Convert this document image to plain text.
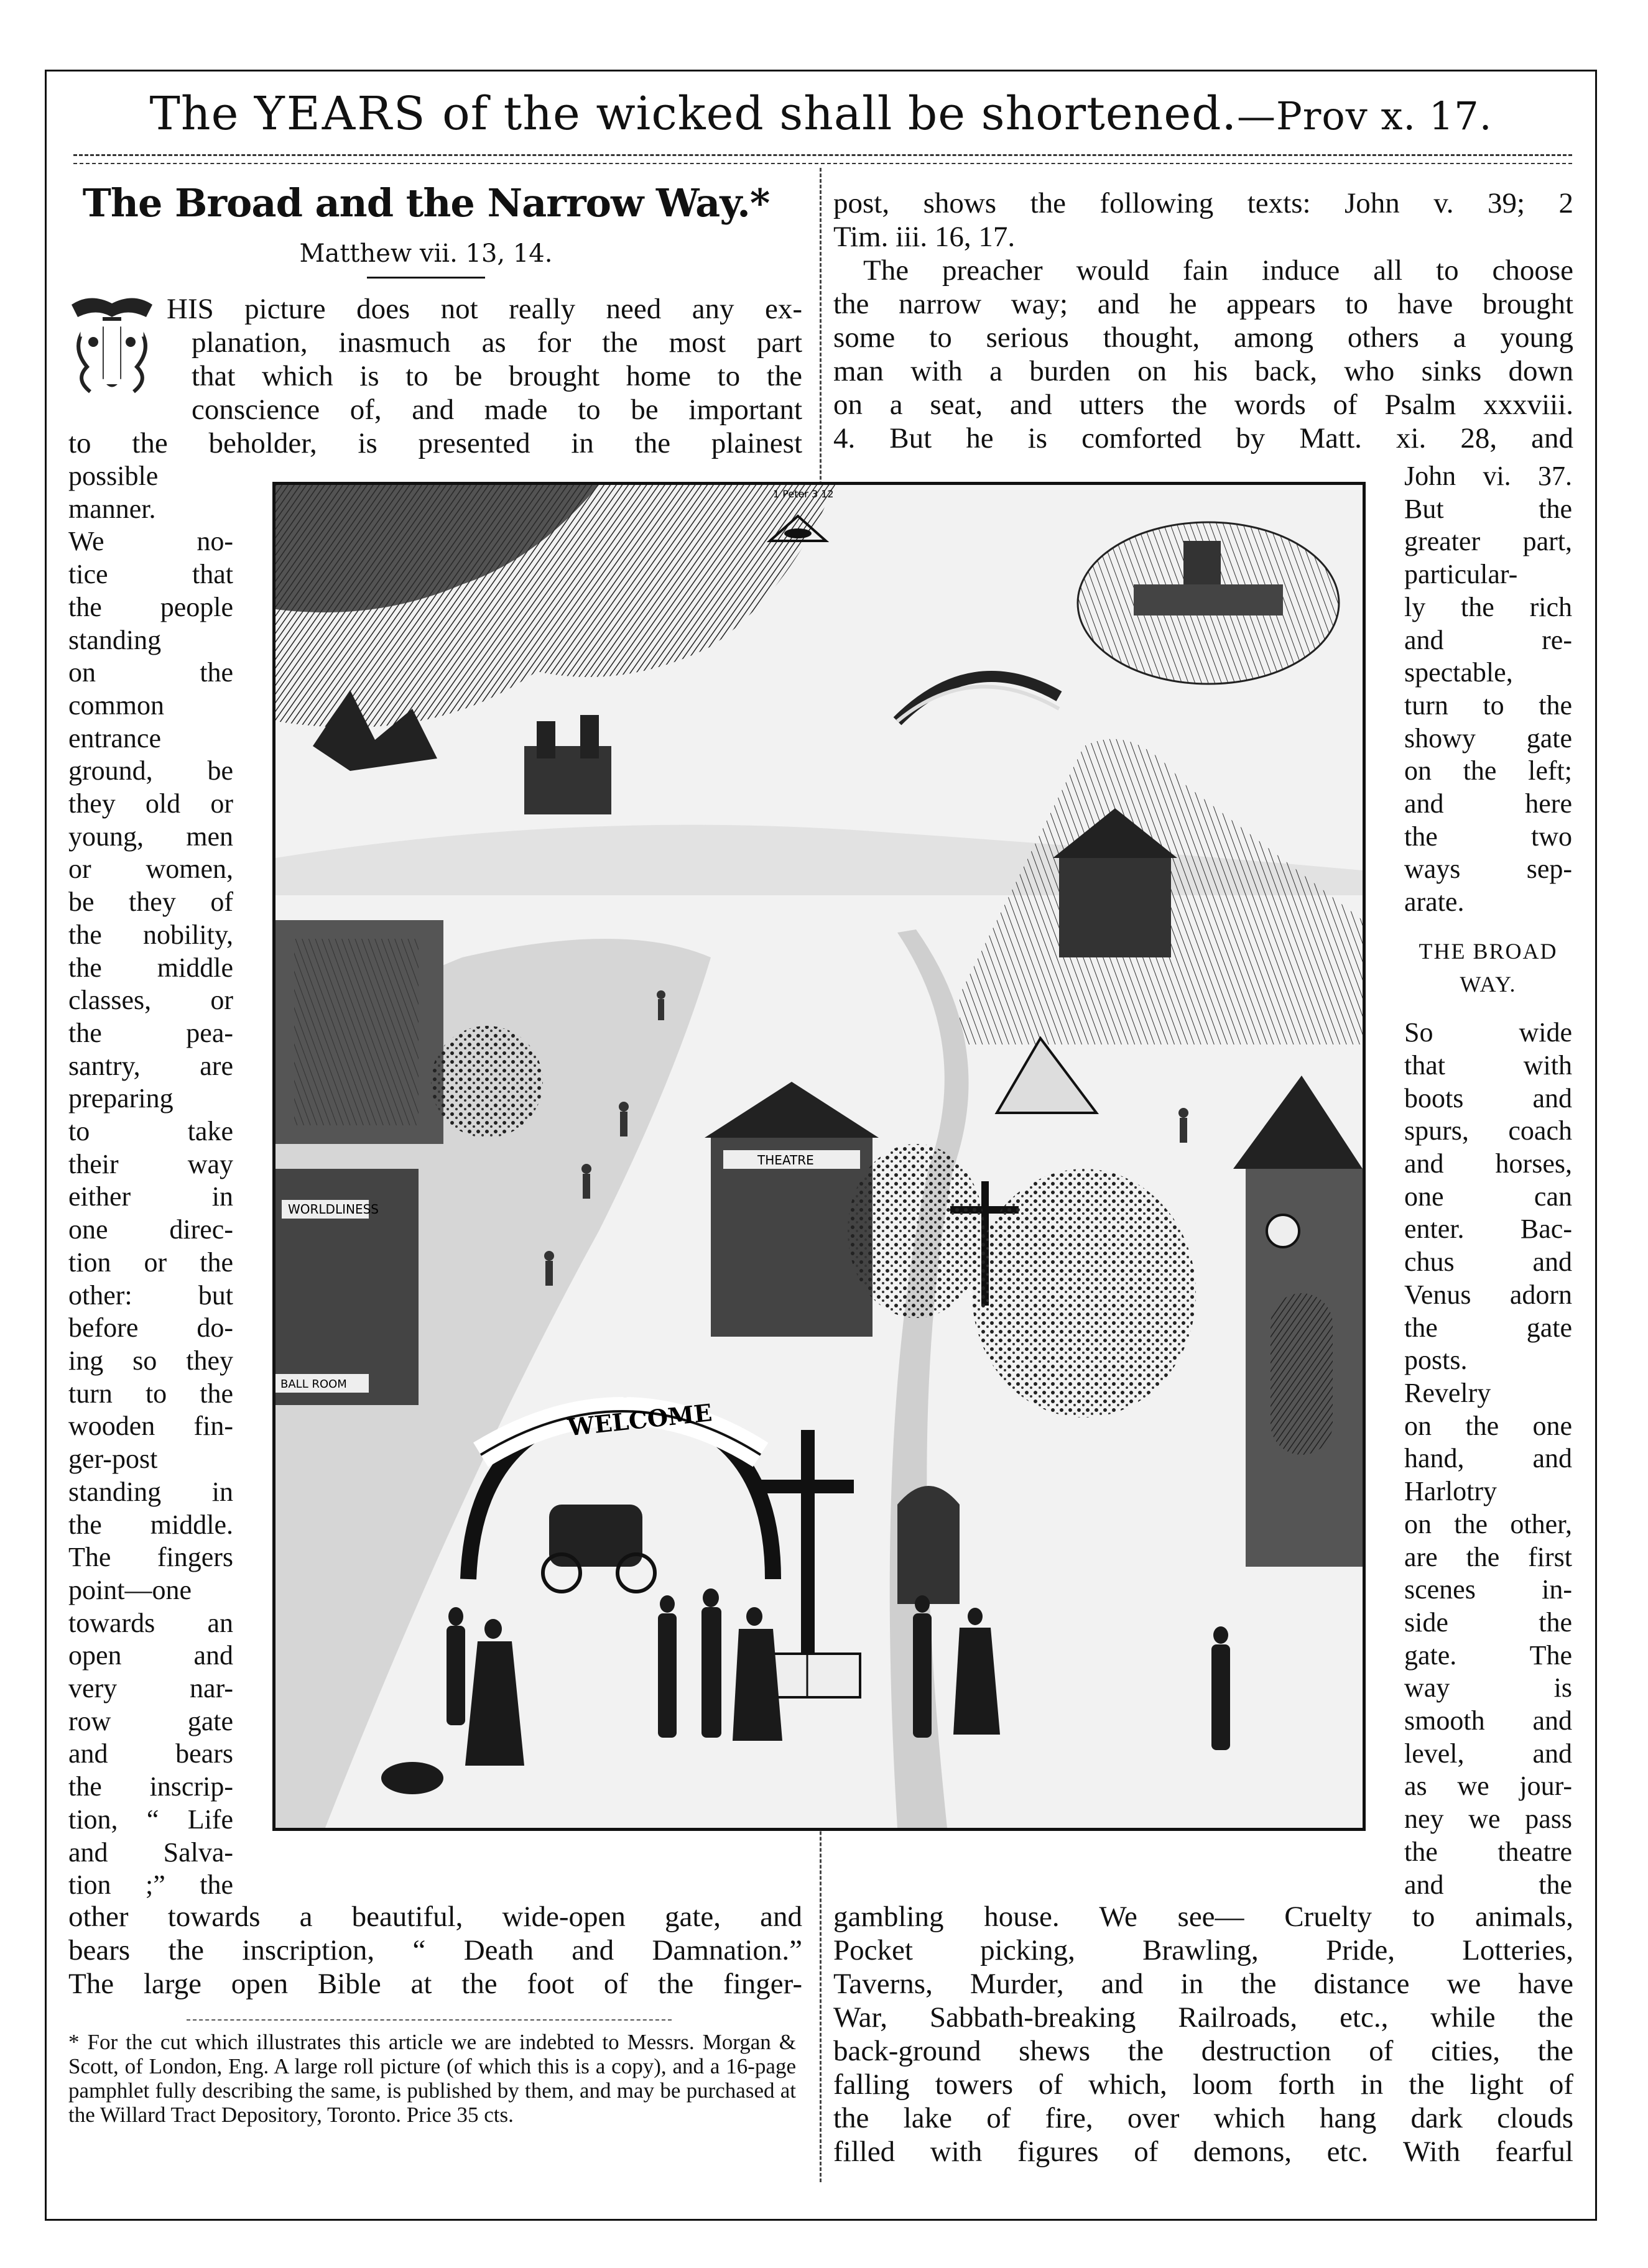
The YEARS of the wicked shall be shortened.—Prov x. 17.
The Broad and the Narrow Way.*
Matthew vii. 13, 14.
HIS picture does not really need any ex-
planation, inasmuch as for the most part
that which is to be brought home to the
conscience of, and made to be important
to the beholder, is presented in the plainest
possible
manner.
We no-
tice that
the people
standing
on the
common
entrance
ground, be
they old or
young, men
or women,
be they of
the nobility,
the middle
classes, or
the pea-
santry, are
preparing
to take
their way
either in
one direc-
tion or the
other: but
before do-
ing so they
turn to the
wooden fin-
ger-post
standing in
the middle.
The fingers
point—one
towards an
open and
very nar-
row gate
and bears
the inscrip-
tion, “ Life
and Salva-
tion ;” the
John vi. 37.
But the
greater part,
particular-
ly the rich
and re-
spectable,
turn to the
showy gate
on the left;
and here
the two
ways sep-
arate.
THE BROAD
WAY.
So wide
that with
boots and
spurs, coach
and horses,
one can
enter. Bac-
chus and
Venus adorn
the gate
posts.
Revelry
on the one
hand, and
Harlotry
on the other,
are the first
scenes in-
side the
gate. The
way is
smooth and
level, and
as we jour-
ney we pass
the theatre
and the
post, shows the following texts: John v. 39; 2
Tim. iii. 16, 17.
The preacher would fain induce all to choose
the narrow way; and he appears to have brought
some to serious thought, among others a young
man with a burden on his back, who sinks down
on a seat, and utters the words of Psalm xxxviii.
4. But he is comforted by Matt. xi. 28, and
1 Peter 3 12
WORLDLINESS
BALL ROOM
THEATRE
WELCOME
other towards a beautiful, wide-open gate, and
bears the inscription, “ Death and Damnation.”
The large open Bible at the foot of the finger-
* For the cut which illustrates this article we are indebted to Messrs. Morgan & Scott, of London, Eng. A large roll picture (of which this is a copy), and a 16-page pamphlet fully describing the same, is published by them, and may be purchased at the Willard Tract Depository, Toronto. Price 35 cts.
gambling house. We see— Cruelty to animals,
Pocket picking, Brawling, Pride, Lotteries,
Taverns, Murder, and in the distance we have
War, Sabbath-breaking Railroads, etc., while the
back-ground shews the destruction of cities, the
falling towers of which, loom forth in the light of
the lake of fire, over which hang dark clouds
filled with figures of demons, etc. With fearful
T
